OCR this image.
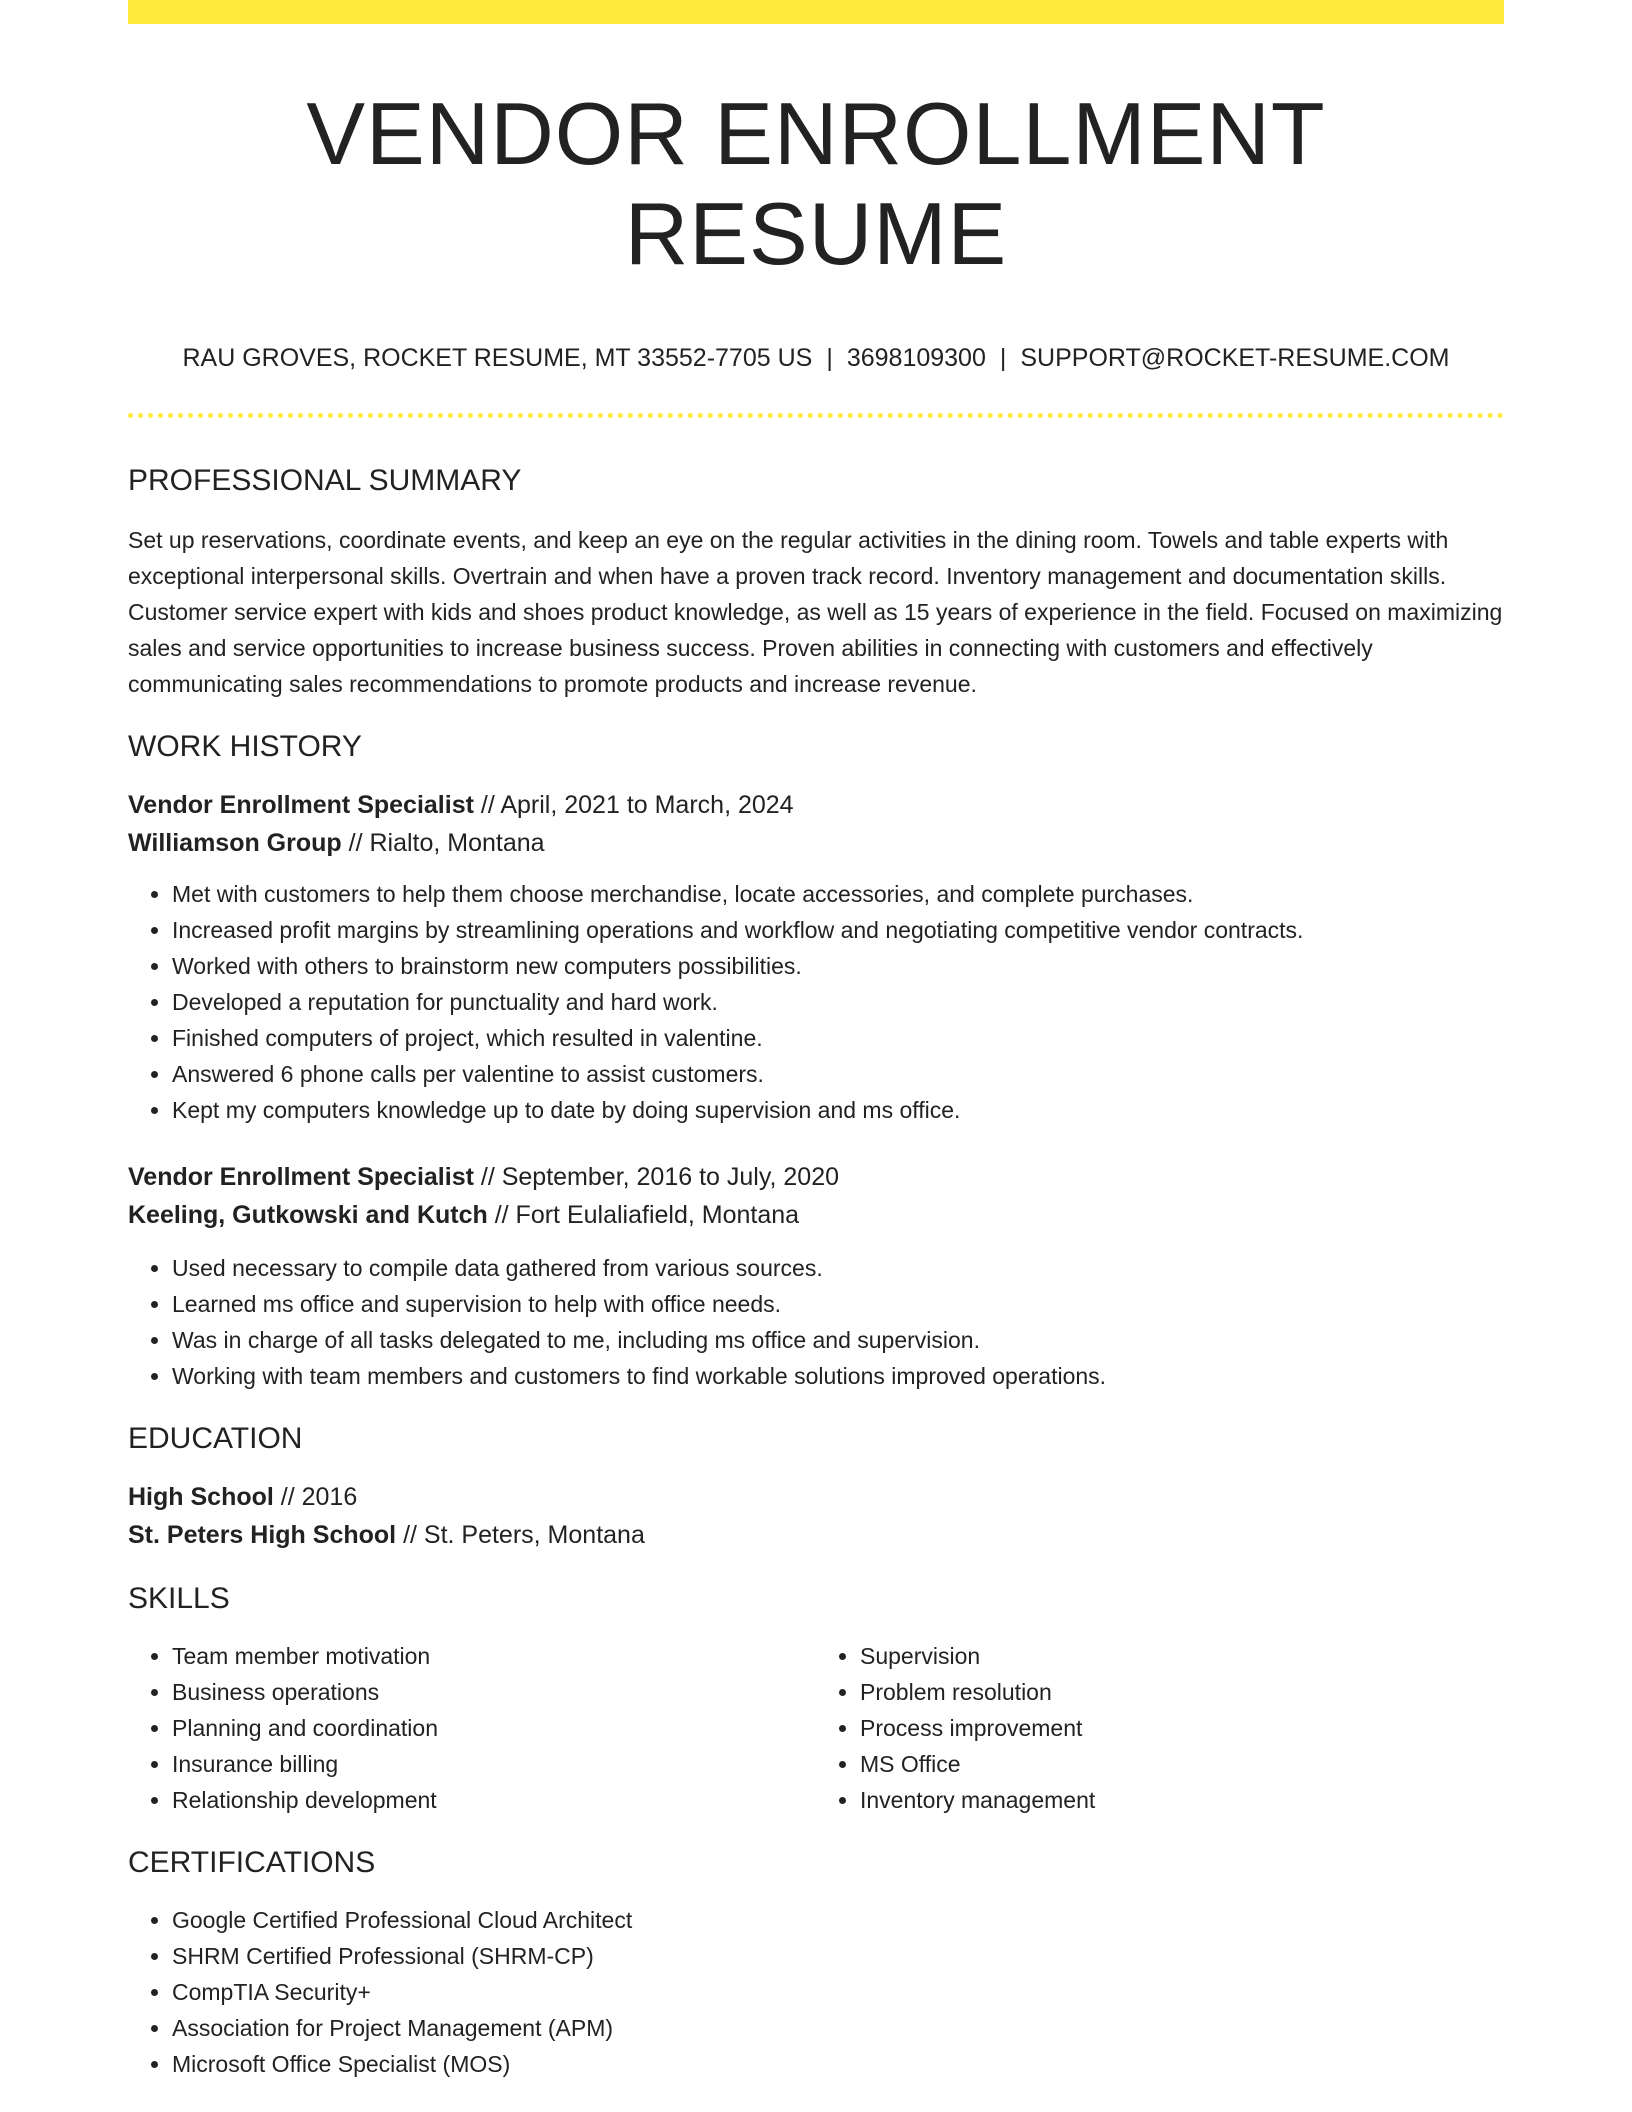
VENDOR ENROLLMENT RESUME
RAU GROVES, ROCKET RESUME, MT 33552-7705 US | 3698109300 | SUPPORT@ROCKET-RESUME.COM
PROFESSIONAL SUMMARY

Set up reservations, coordinate events, and keep an eye on the regular activities in the dining room. Towels and table experts with exceptional interpersonal skills. Overtrain and when have a proven track record. Inventory management and documentation skills. Customer service expert with kids and shoes product knowledge, as well as 15 years of experience in the field. Focused on maximizing sales and service opportunities to increase business success. Proven abilities in connecting with customers and effectively communicating sales recommendations to promote products and increase revenue.

WORK HISTORY

Vendor Enrollment Specialist // April, 2021 to March, 2024

Williamson Group // Rialto, Montana

• Met with customers to help them choose merchandise, locate accessories, and complete purchases.
• Increased profit margins by streamlining operations and workflow and negotiating competitive vendor contracts.
• Worked with others to brainstorm new computers possibilities.
• Developed a reputation for punctuality and hard work.
• Finished computers of project, which resulted in valentine.
• Answered 6 phone calls per valentine to assist customers.
• Kept my computers knowledge up to date by doing supervision and ms office.

Vendor Enrollment Specialist // September, 2016 to July, 2020

Keeling, Gutkowski and Kutch // Fort Eulaliafield, Montana

• Used necessary to compile data gathered from various sources.
• Learned ms office and supervision to help with office needs.
• Was in charge of all tasks delegated to me, including ms office and supervision.
• Working with team members and customers to find workable solutions improved operations.
EDUCATION

High School // 2016

St. Peters High School // St. Peters, Montana

SKILLS
• Team member motivation
• Business operations
• Planning and coordination
• Insurance billing
• Relationship development
• Supervision
• Problem resolution
• Process improvement
• MS Office
• Inventory management
CERTIFICATIONS
• Google Certified Professional Cloud Architect
• SHRM Certified Professional (SHRM-CP)
• CompTIA Security+
• Association for Project Management (APM)
• Microsoft Office Specialist (MOS)
